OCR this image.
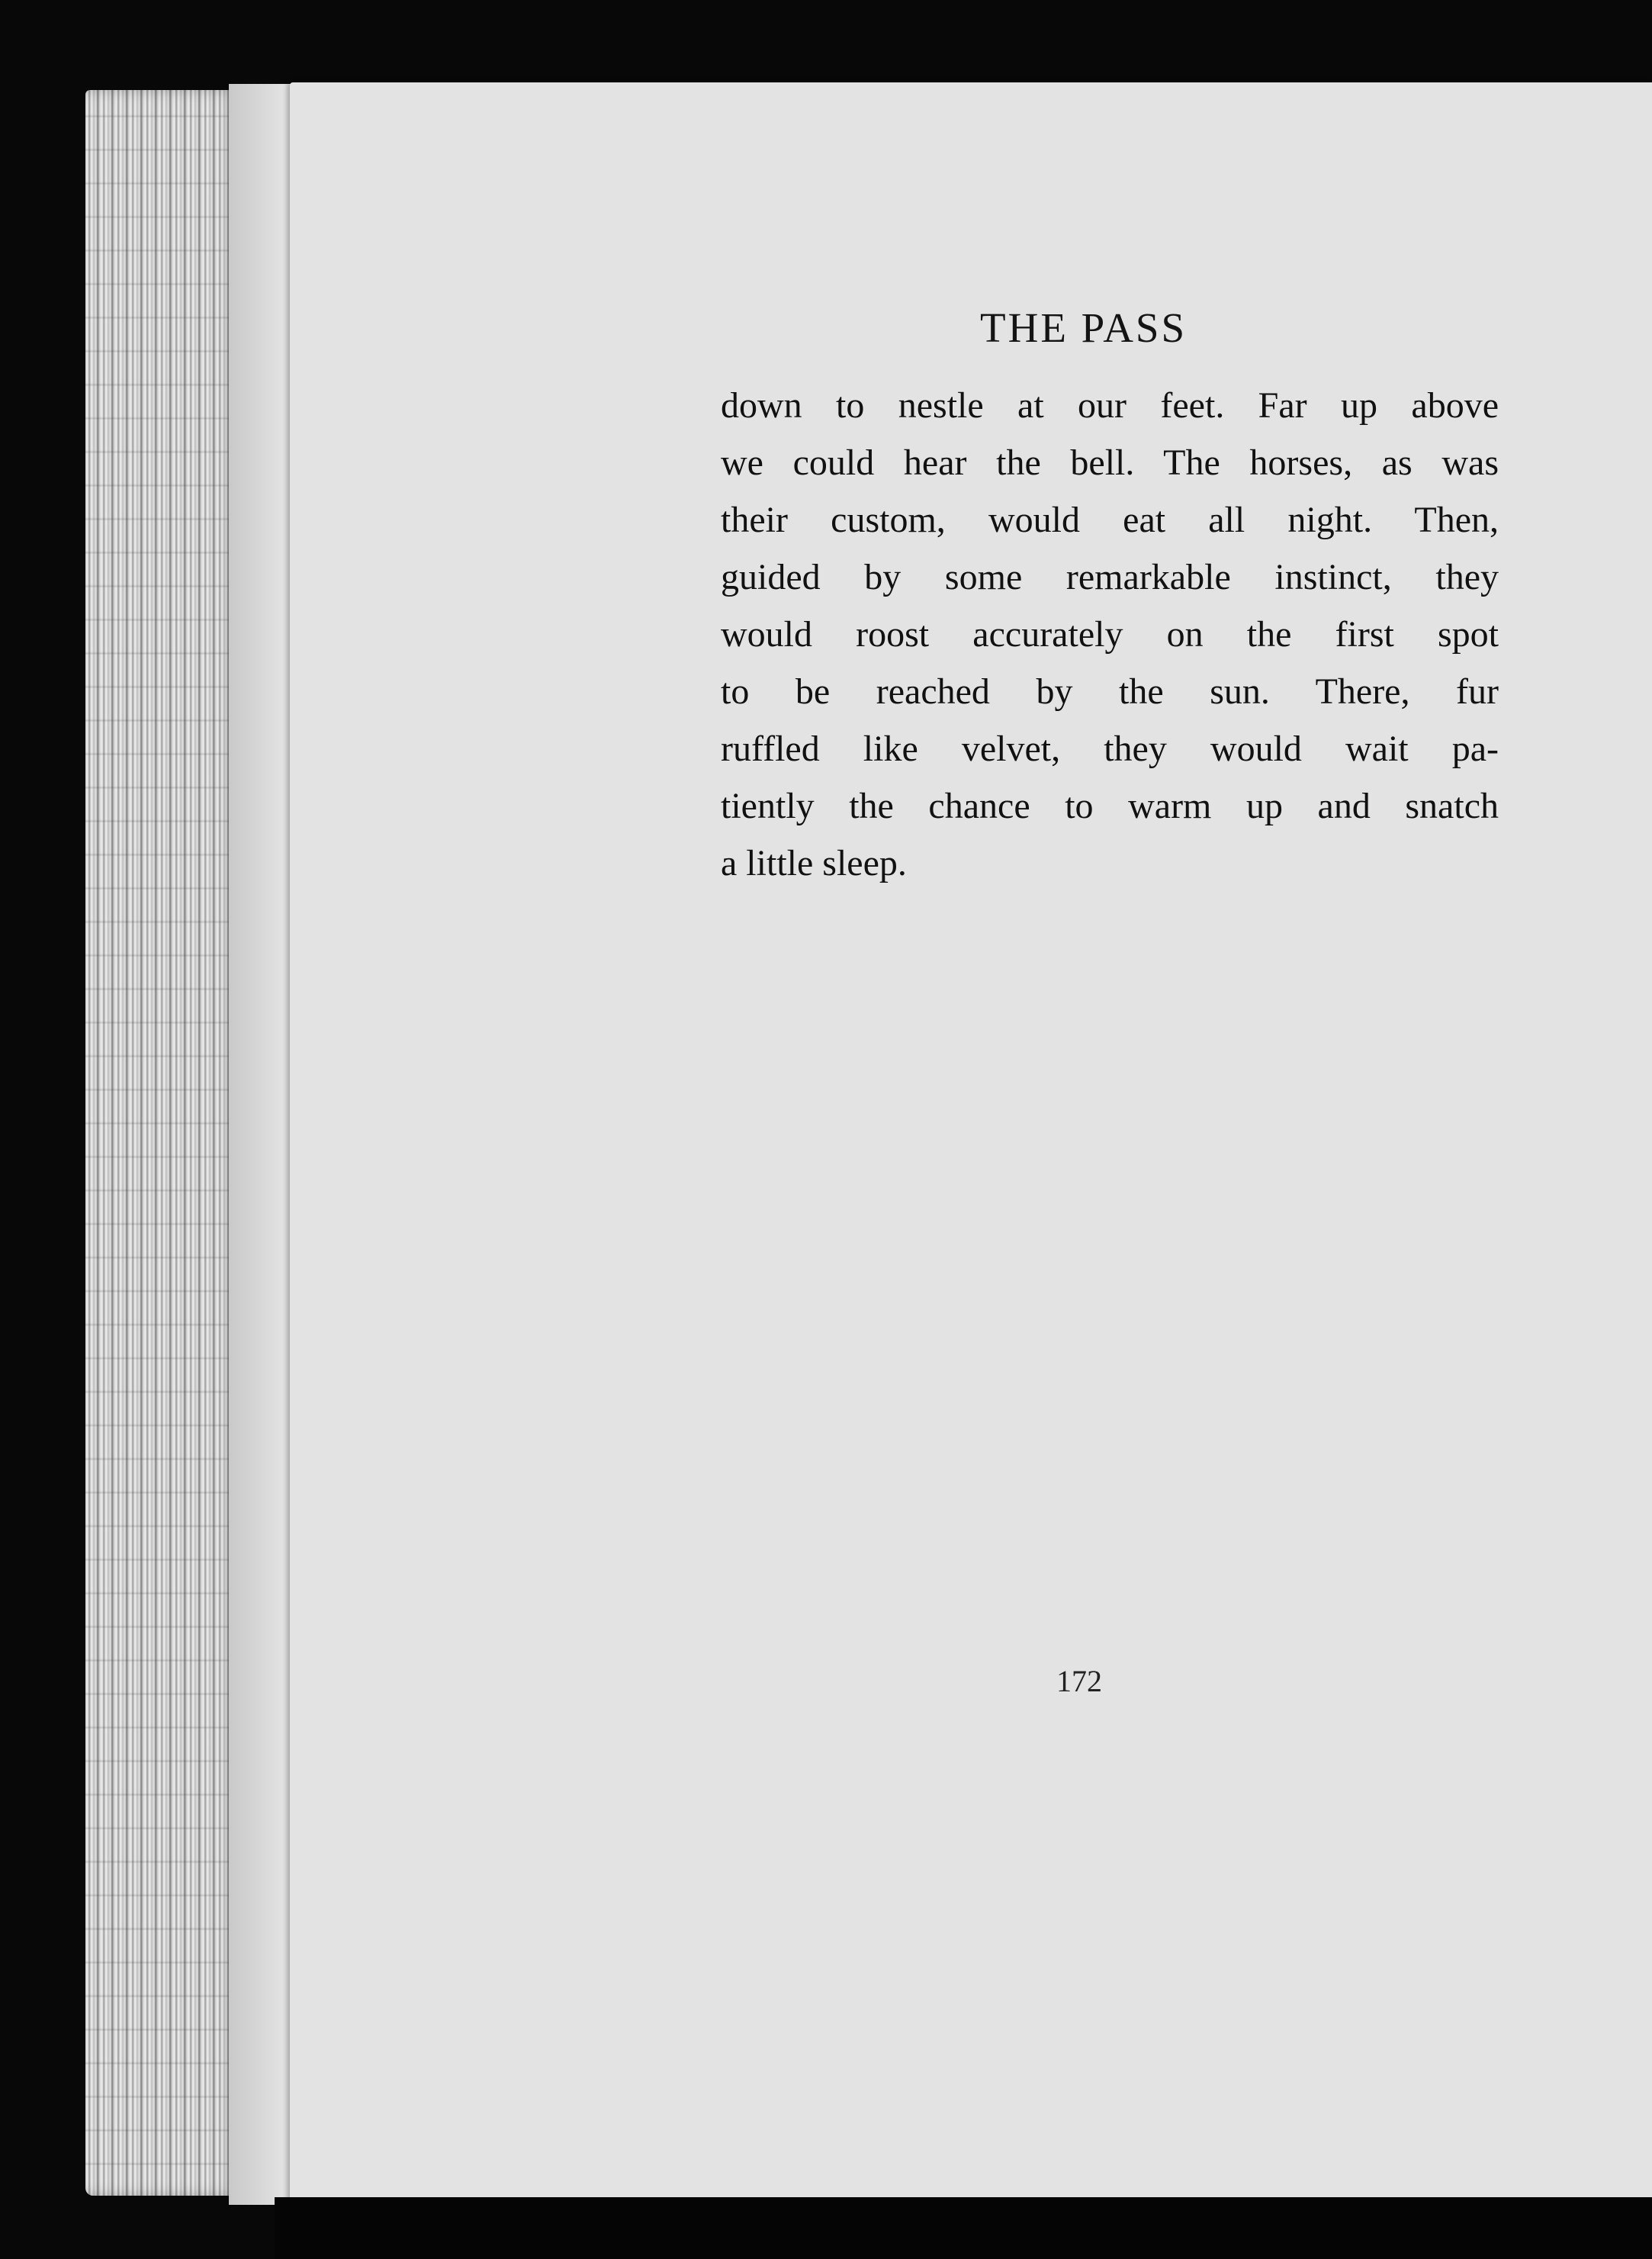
THE PASS
down to nestle at our feet. Far up above
we could hear the bell. The horses, as was
their custom, would eat all night. Then,
guided by some remarkable instinct, they
would roost accurately on the first spot
to be reached by the sun. There, fur
ruffled like velvet, they would wait pa-
tiently the chance to warm up and snatch
a little sleep.
172
